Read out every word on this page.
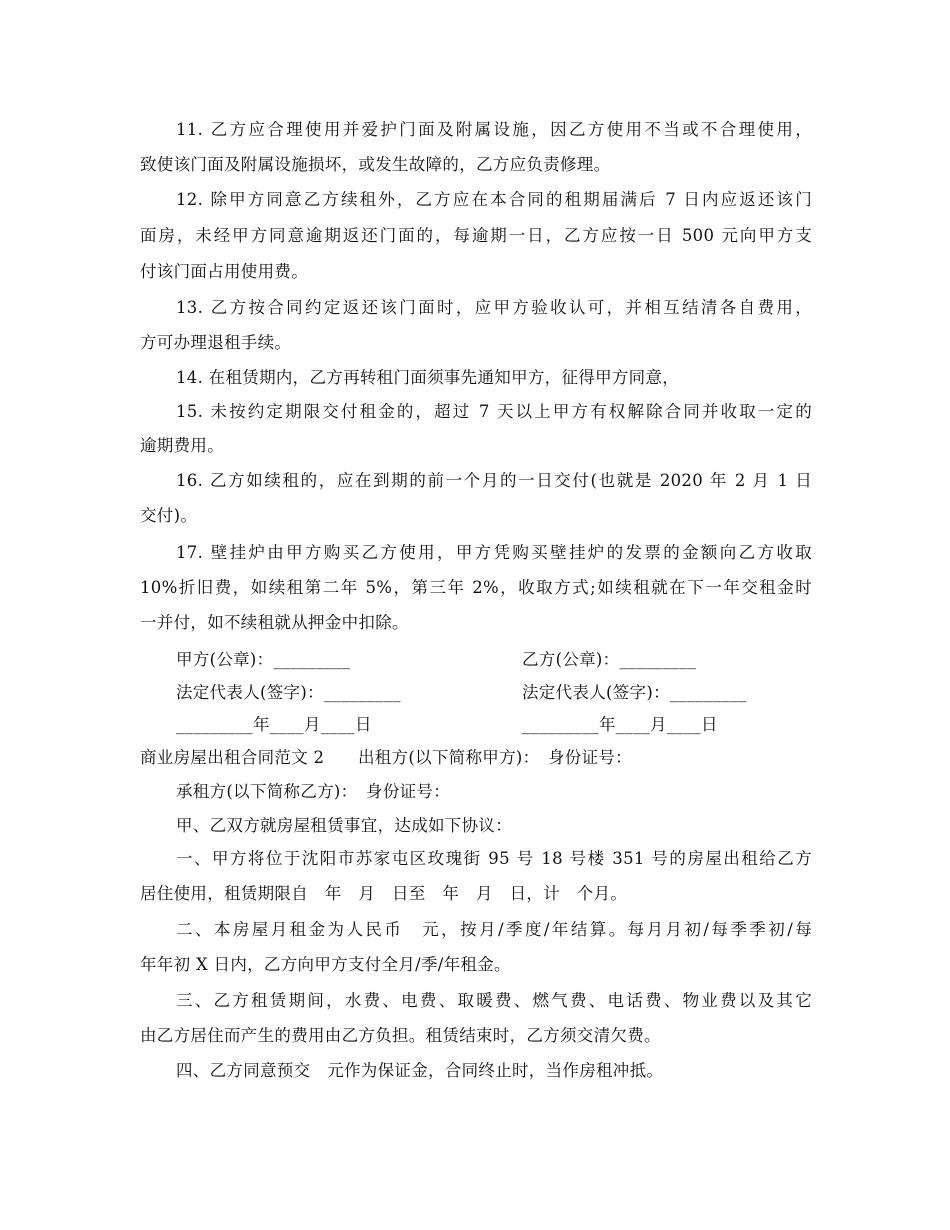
11. 乙方应合理使用并爱护门面及附属设施，因乙方使用不当或不合理使用，
致使该门面及附属设施损坏，或发生故障的，乙方应负责修理。
12. 除甲方同意乙方续租外，乙方应在本合同的租期届满后 7 日内应返还该门
面房，未经甲方同意逾期返还门面的，每逾期一日，乙方应按一日 500 元向甲方支
付该门面占用使用费。
13. 乙方按合同约定返还该门面时，应甲方验收认可，并相互结清各自费用，
方可办理退租手续。
14. 在租赁期内，乙方再转租门面须事先通知甲方，征得甲方同意，
15. 未按约定期限交付租金的，超过 7 天以上甲方有权解除合同并收取一定的
逾期费用。
16. 乙方如续租的，应在到期的前一个月的一日交付(也就是 2020 年 2 月 1 日
交付)。
17. 壁挂炉由甲方购买乙方使用，甲方凭购买壁挂炉的发票的金额向乙方收取
10%折旧费，如续租第二年 5%，第三年 2%，收取方式;如续租就在下一年交租金时
一并付，如不续租就从押金中扣除。
甲方(公章)：_________	乙方(公章)：_________
法定代表人(签字)：_________	法定代表人(签字)：_________
_________年____月____日	_________年____月____日
商业房屋出租合同范文 2　　出租方(以下简称甲方)：　身份证号：
承租方(以下简称乙方)：　身份证号：
甲、乙双方就房屋租赁事宜，达成如下协议：
一、甲方将位于沈阳市苏家屯区玫瑰街 95 号 18 号楼 351 号的房屋出租给乙方
居住使用，租赁期限自　年　月　日至　年　月　日，计　个月。
二、本房屋月租金为人民币　元，按月/季度/年结算。每月月初/每季季初/每
年年初 X 日内，乙方向甲方支付全月/季/年租金。
三、乙方租赁期间，水费、电费、取暖费、燃气费、电话费、物业费以及其它
由乙方居住而产生的费用由乙方负担。租赁结束时，乙方须交清欠费。
四、乙方同意预交　元作为保证金，合同终止时，当作房租冲抵。
